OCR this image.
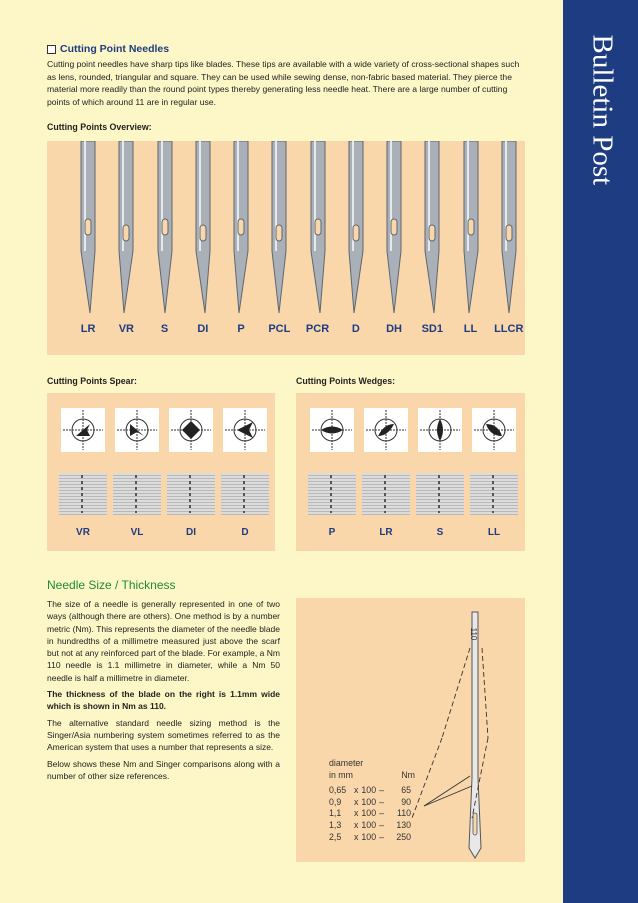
Bulletin Post
Cutting Point Needles
Cutting point needles have sharp tips like blades. These tips are available with a wide variety of cross-sectional shapes such as lens, rounded, triangular and square. They can be used while sewing dense, non-fabric based material. They pierce the material more readily than the round point types thereby generating less needle heat. There are a large number of cutting points of which around 11 are in regular use.
Cutting Points Overview:
LR	VR	S	DI	P	PCL	PCR	D	DH	SD1	LL	LLCR
Cutting Points Spear:	Cutting Points Wedges:
VR	VL	DI	D	P	LR	S	LL
Needle Size / Thickness

The size of a needle is generally represented in one of two ways (although there are others). One method is by a number metric (Nm). This represents the diameter of the needle blade in hundredths of a millimetre measured just above the scarf but not at any reinforced part of the blade. For example, a Nm 110 needle is 1.1 millimetre in diameter, while a Nm 50 needle is half a millimetre in diameter.

The thickness of the blade on the right is 1.1mm wide which is shown in Nm as 110.

The alternative standard needle sizing method is the Singer/Asia numbering system sometimes referred to as the American system that uses a number that represents a size.

Below shows these Nm and Singer comparisons along with a number of other size references.

110
diameter
in mm	Nm
0,65	x	100	–	65
0,9	x	100	–	90
1,1	x	100	–	110
1,3	x	100	–	130
2,5	x	100	–	250
